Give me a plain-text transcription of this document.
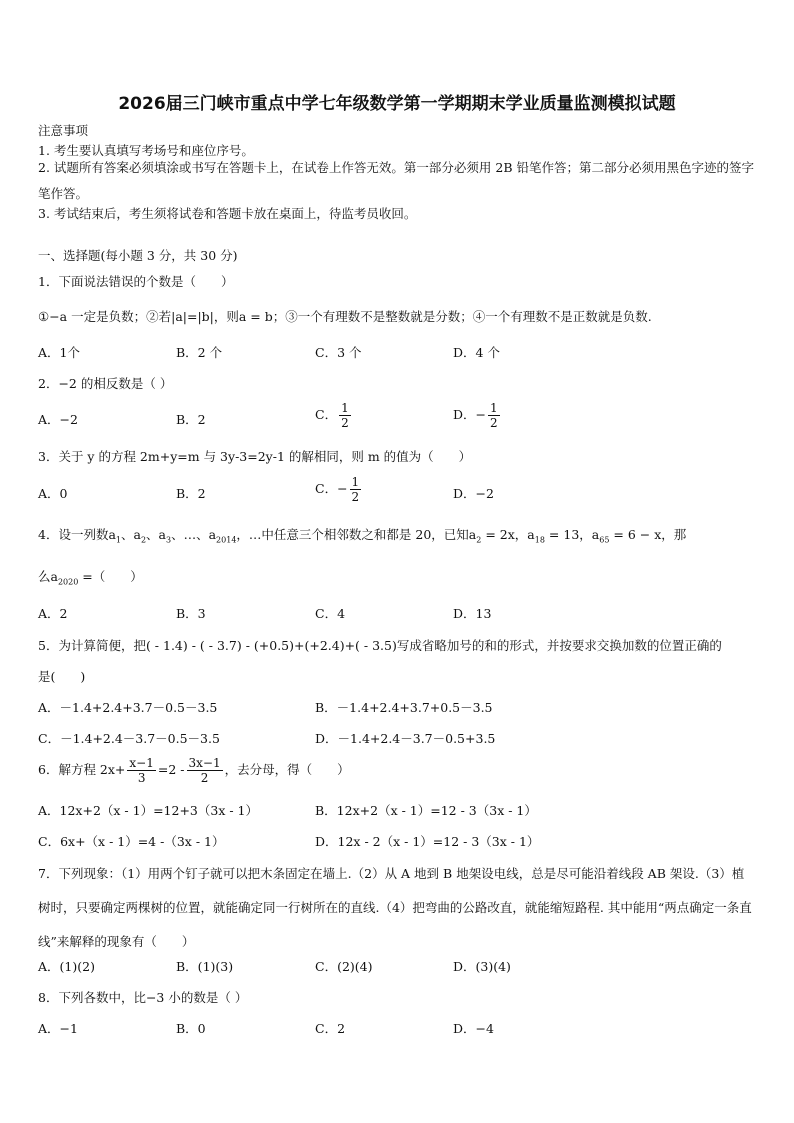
2026届三门峡市重点中学七年级数学第一学期期末学业质量监测模拟试题
注意事项
1. 考生要认真填写考场号和座位序号。
2. 试题所有答案必须填涂或书写在答题卡上，在试卷上作答无效。第一部分必须用 2B 铅笔作答；第二部分必须用黑色字迹的签字笔作答。
3. 考试结束后，考生须将试卷和答题卡放在桌面上，待监考员收回。
一、选择题(每小题 3 分，共 30 分)
1．下面说法错误的个数是（　　）
①−a 一定是负数；②若|a|=|b|，则a = b；③一个有理数不是整数就是分数；④一个有理数不是正数就是负数.
A．1个	B．2 个	C．3 个	D．4 个
2．−2 的相反数是（ ）
A．−2	B．2	C． $\frac{1}{2}$	D．− $\frac{1}{2}$
3．关于 y 的方程 2m+y=m 与 3y-3=2y-1 的解相同，则 m 的值为（　　）
A．0	B．2	C．− $\frac{1}{2}$	D．−2
4．设一列数$a_1$、$a_2$、$a_3$、…、$a_{2014}$，…中任意三个相邻数之和都是 20，已知$a_2 = 2x$，$a_{18} = 13$，$a_{65} = 6 - x$，那
么$a_{2020}$ =（　　）
A．2	B．3	C．4	D．13
5．为计算简便，把( - 1.4) - ( - 3.7) - (+0.5)+(+2.4)+( - 3.5)写成省略加号的和的形式，并按要求交换加数的位置正确的
是(　　)
A．－1.4+2.4+3.7－0.5－3.5	B．－1.4+2.4+3.7+0.5－3.5
C．－1.4+2.4－3.7－0.5－3.5	D．－1.4+2.4－3.7－0.5+3.5
6．解方程 $2x+ \frac{x-1}{3} =2 - \frac{3x-1}{2}$ ，去分母，得（　　）
A．12x+2（x - 1）=12+3（3x - 1）	B．12x+2（x - 1）=12 - 3（3x - 1）
C．6x+（x - 1）=4 -（3x - 1）	D．12x - 2（x - 1）=12 - 3（3x - 1）
7．下列现象：（1）用两个钉子就可以把木条固定在墙上.（2）从 A 地到 B 地架设电线，总是尽可能沿着线段 AB 架设.（3）植树时，只要确定两棵树的位置，就能确定同一行树所在的直线.（4）把弯曲的公路改直，就能缩短路程. 其中能用“两点确定一条直线”来解释的现象有（　　）
A．(1)(2)	B．(1)(3)	C．(2)(4)	D．(3)(4)
8．下列各数中，比−3 小的数是（ ）
A．−1	B．0	C．2	D．−4
